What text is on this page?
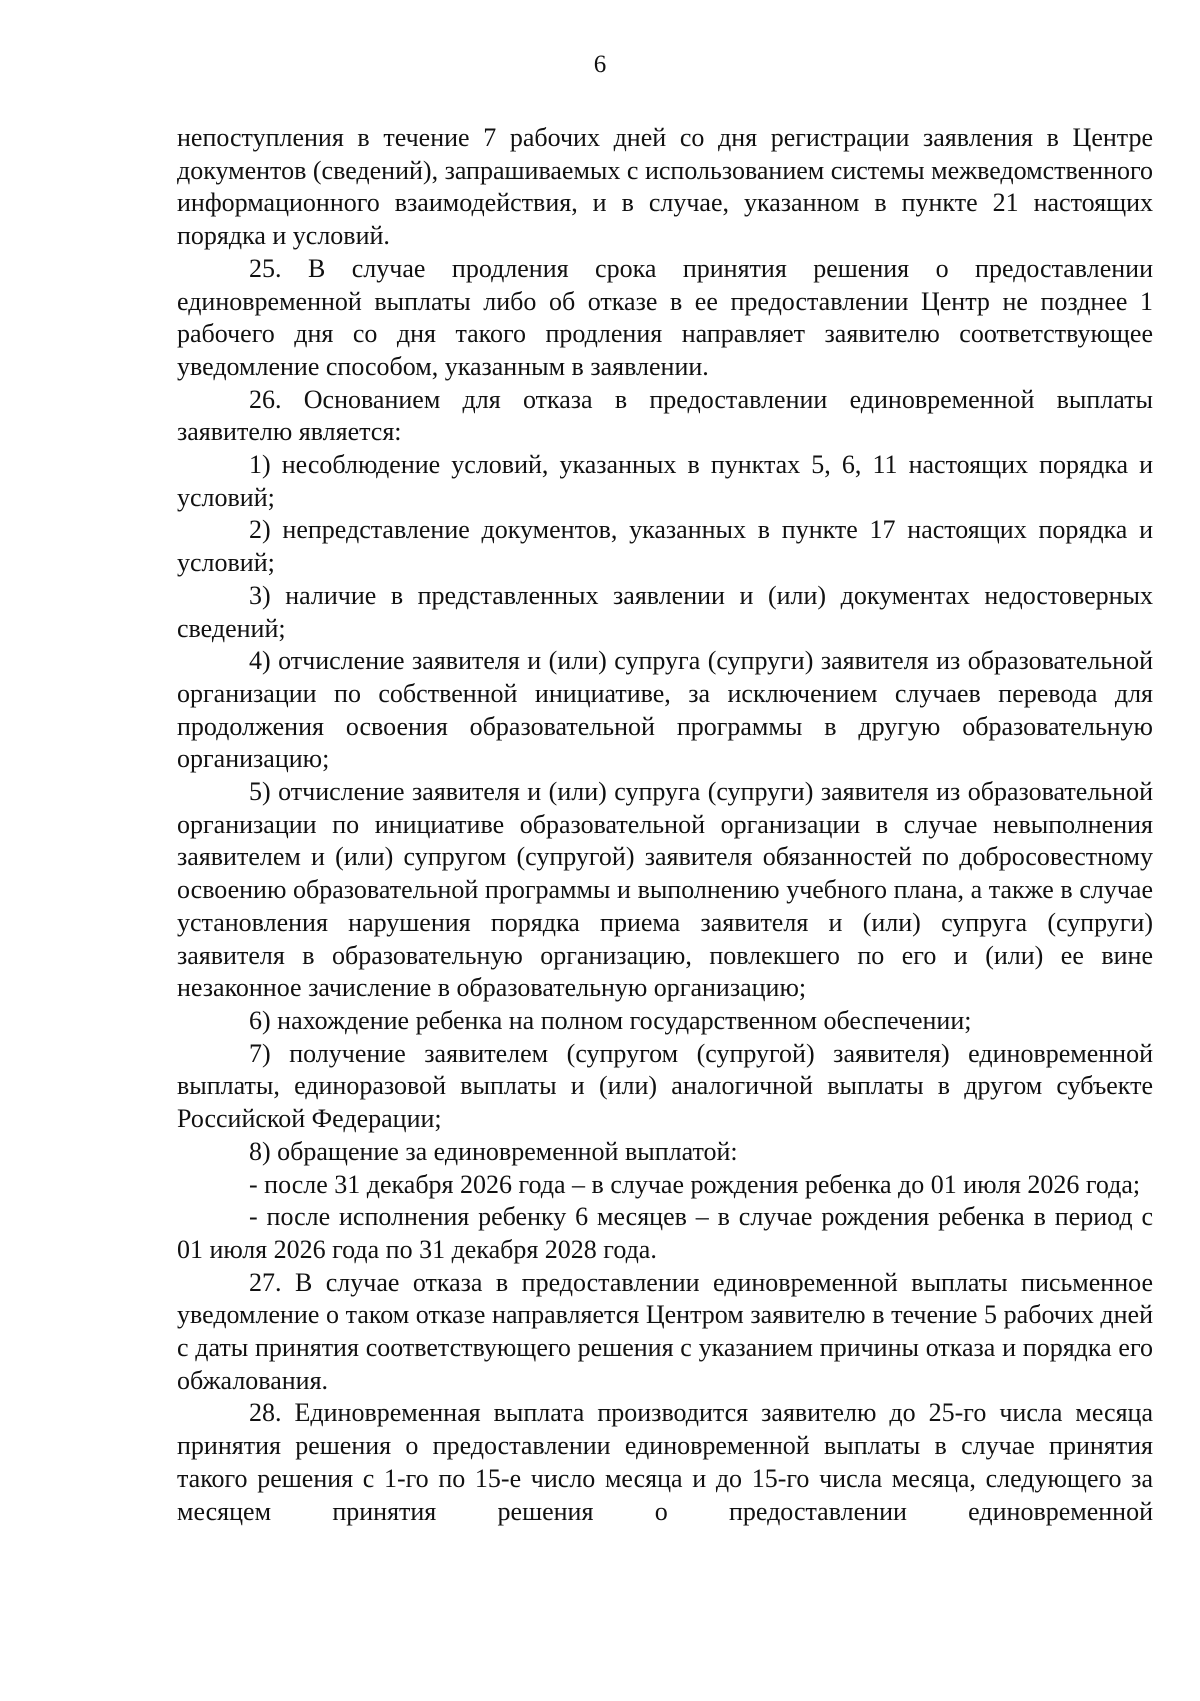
6

непоступления в течение 7 рабочих дней со дня регистрации заявления в Центре документов (сведений), запрашиваемых с использованием системы межведомственного информационного взаимодействия, и в случае, указанном в пункте 21 настоящих порядка и условий.

25. В случае продления срока принятия решения о предоставлении единовременной выплаты либо об отказе в ее предоставлении Центр не позднее 1 рабочего дня со дня такого продления направляет заявителю соответствующее уведомление способом, указанным в заявлении.

26. Основанием для отказа в предоставлении единовременной выплаты заявителю является:

1) несоблюдение условий, указанных в пунктах 5, 6, 11 настоящих порядка и условий;

2) непредставление документов, указанных в пункте 17 настоящих порядка и условий;

3) наличие в представленных заявлении и (или) документах недостоверных сведений;

4) отчисление заявителя и (или) супруга (супруги) заявителя из образовательной организации по собственной инициативе, за исключением случаев перевода для продолжения освоения образовательной программы в другую образовательную организацию;

5) отчисление заявителя и (или) супруга (супруги) заявителя из образовательной организации по инициативе образовательной организации в случае невыполнения заявителем и (или) супругом (супругой) заявителя обязанностей по добросовестному освоению образовательной программы и выполнению учебного плана, а также в случае установления нарушения порядка приема заявителя и (или) супруга (супруги) заявителя в образовательную организацию, повлекшего по его и (или) ее вине незаконное зачисление в образовательную организацию;

6) нахождение ребенка на полном государственном обеспечении;

7) получение заявителем (супругом (супругой) заявителя) единовременной выплаты, единоразовой выплаты и (или) аналогичной выплаты в другом субъекте Российской Федерации;

8) обращение за единовременной выплатой:

- после 31 декабря 2026 года – в случае рождения ребенка до 01 июля 2026 года;

- после исполнения ребенку 6 месяцев – в случае рождения ребенка в период с 01 июля 2026 года по 31 декабря 2028 года.

27. В случае отказа в предоставлении единовременной выплаты письменное уведомление о таком отказе направляется Центром заявителю в течение 5 рабочих дней с даты принятия соответствующего решения с указанием причины отказа и порядка его обжалования.

28. Единовременная выплата производится заявителю до 25-го числа месяца принятия решения о предоставлении единовременной выплаты в случае принятия такого решения с 1-го по 15-е число месяца и до 15-го числа месяца, следующего за месяцем принятия решения о предоставлении единовременной
